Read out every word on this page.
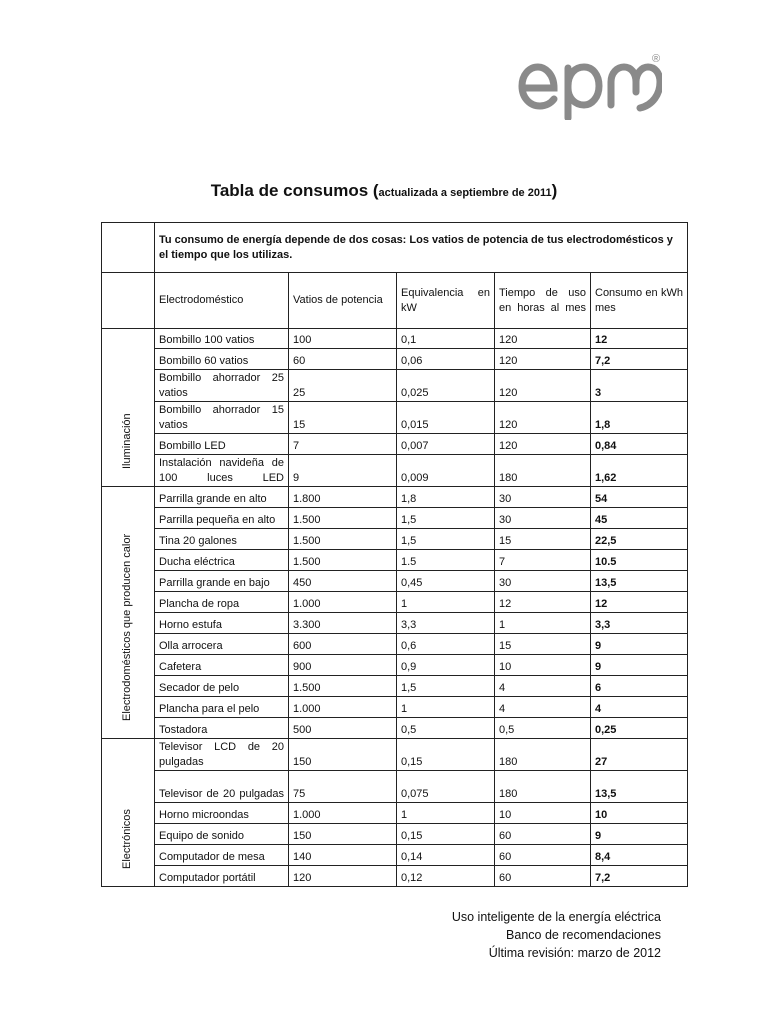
®
Tabla de consumos (actualizada a septiembre de 2011)
	Tu consumo de energía depende de dos cosas: Los vatios de potencia de tus electrodomésticos y el tiempo que los utilizas.				
	Electrodoméstico	Vatios de potencia	Equivalencia en kW	Tiempo de uso en horas al mes	Consumo en kWh mes

Iluminación	Bombillo 100 vatios	100	0,1	120	12
	Bombillo 60 vatios	60	0,06	120	7,2
	Bombillo ahorrador 25 vatios	25	0,025	120	3
	Bombillo ahorrador 15 vatios	15	0,015	120	1,8
	Bombillo LED	7	0,007	120	0,84
	Instalación navideña de 100 luces LED	9	0,009	180	1,62

Electrodomésticos que producen calor	Parrilla grande en alto	1.800	1,8	30	54
	Parrilla pequeña en alto	1.500	1,5	30	45
	Tina 20 galones	1.500	1,5	15	22,5
	Ducha eléctrica	1.500	1.5	7	10.5
	Parrilla grande en bajo	450	0,45	30	13,5
	Plancha de ropa	1.000	1	12	12
	Horno estufa	3.300	3,3	1	3,3
	Olla arrocera	600	0,6	15	9
	Cafetera	900	0,9	10	9
	Secador de pelo	1.500	1,5	4	6
	Plancha para el pelo	1.000	1	4	4
	Tostadora	500	0,5	0,5	0,25

Electrónicos	Televisor LCD de 20 pulgadas	150	0,15	180	27
	Televisor de 20 pulgadas	75	0,075	180	13,5
	Horno microondas	1.000	1	10	10
	Equipo de sonido	150	0,15	60	9
	Computador de mesa	140	0,14	60	8,4
	Computador portátil	120	0,12	60	7,2
Uso inteligente de la energía eléctrica
Banco de recomendaciones
Última revisión: marzo de 2012
